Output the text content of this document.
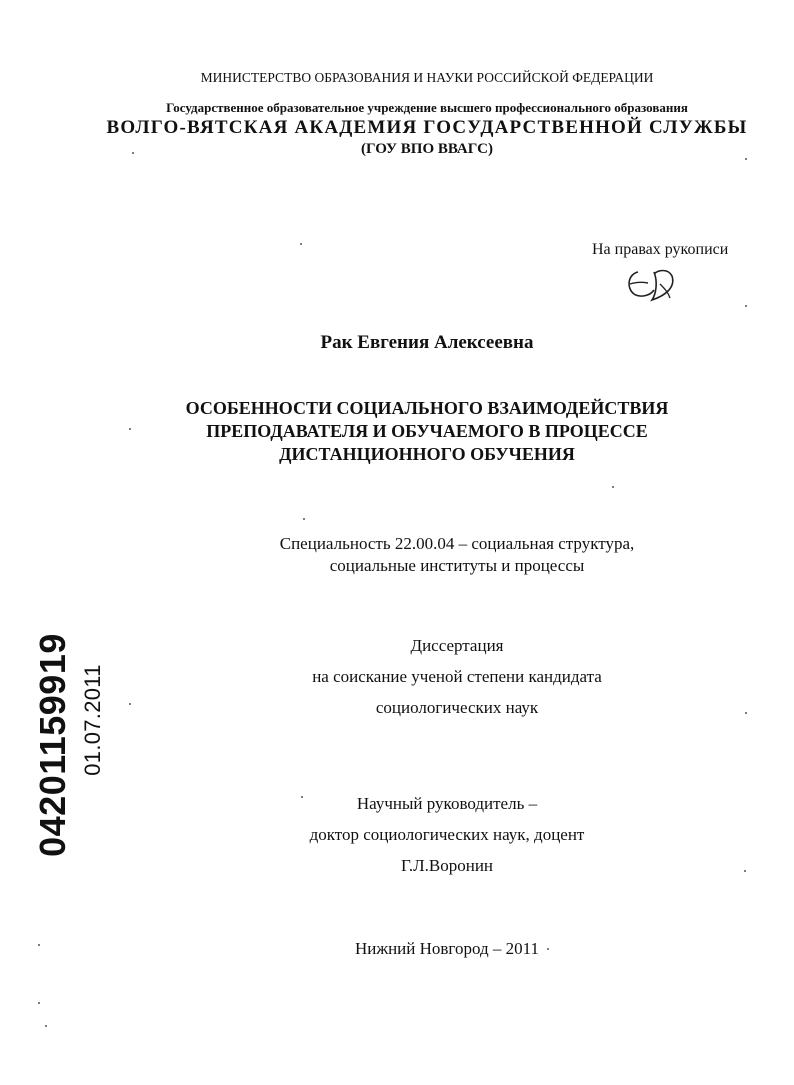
МИНИСТЕРСТВО ОБРАЗОВАНИЯ И НАУКИ РОССИЙСКОЙ ФЕДЕРАЦИИ
Государственное образовательное учреждение высшего профессионального образования
ВОЛГО-ВЯТСКАЯ АКАДЕМИЯ ГОСУДАРСТВЕННОЙ СЛУЖБЫ
(ГОУ ВПО ВВАГС)
На правах рукописи
Рак Евгения Алексеевна
ОСОБЕННОСТИ СОЦИАЛЬНОГО ВЗАИМОДЕЙСТВИЯ
ПРЕПОДАВАТЕЛЯ И ОБУЧАЕМОГО В ПРОЦЕССЕ
ДИСТАНЦИОННОГО ОБУЧЕНИЯ
Специальность 22.00.04 – социальная структура,
социальные институты и процессы
Диссертация
на соискание ученой степени кандидата
социологических наук
Научный руководитель –
доктор социологических наук, доцент
Г.Л.Воронин
Нижний Новгород – 2011
04201159919 01.07.2011
